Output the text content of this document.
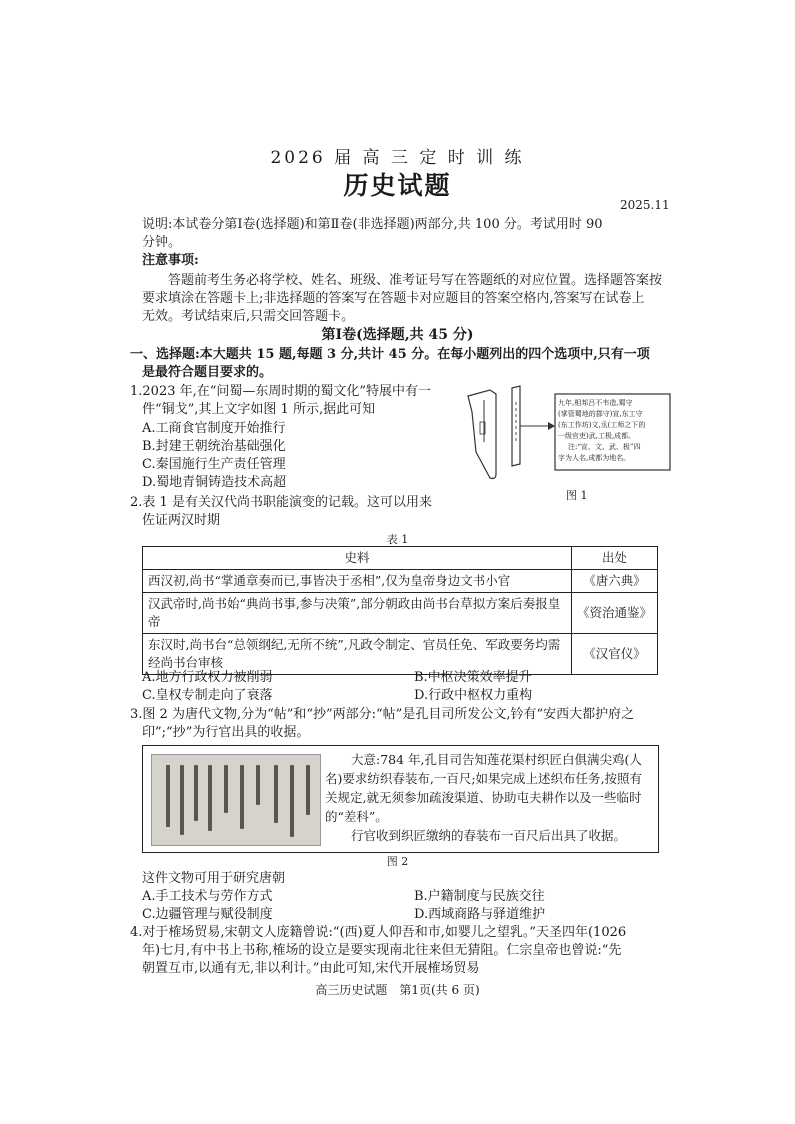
2026 届 高 三 定 时 训 练
历史试题
2025.11
说明:本试卷分第Ⅰ卷(选择题)和第Ⅱ卷(非选择题)两部分,共 100 分。考试用时 90
分钟。
注意事项:
答题前考生务必将学校、姓名、班级、准考证号写在答题纸的对应位置。选择题答案按
要求填涂在答题卡上;非选择题的答案写在答题卡对应题目的答案空格内,答案写在试卷上
无效。考试结束后,只需交回答题卡。
第Ⅰ卷(选择题,共 45 分)
一、选择题:本大题共 15 题,每题 3 分,共计 45 分。在每小题列出的四个选项中,只有一项
是最符合题目要求的。
1.2023 年,在“问蜀—东周时期的蜀文化”特展中有一
件“铜戈”,其上文字如图 1 所示,据此可知
A.工商食官制度开始推行
B.封建王朝统治基础强化
C.秦国施行生产责任管理
D.蜀地青铜铸造技术高超
九年,相邦吕不韦造,蜀守
(掌管蜀地的郡守)宣,东工守
(东工作坊)文,丞(工师之下的
一级官吏)武,工极,成都。
注:“宣、文、武、极”四
字为人名,成都为地名。
图 1
2.表 1 是有关汉代尚书职能演变的记载。这可以用来
佐证两汉时期
表 1
史料	出处
西汉初,尚书“掌通章奏而已,事皆决于丞相”,仅为皇帝身边文书小官	《唐六典》
汉武帝时,尚书始“典尚书事,参与决策”,部分朝政由尚书台草拟方案后奏报皇帝	《资治通鉴》
东汉时,尚书台“总领纲纪,无所不统”,凡政令制定、官员任免、军政要务均需经尚书台审核	《汉官仪》
A.地方行政权力被削弱	B.中枢决策效率提升
C.皇权专制走向了衰落	D.行政中枢权力重构
3.图 2 为唐代文物,分为“帖”和“抄”两部分:“帖”是孔目司所发公文,钤有“安西大都护府之
印”;“抄”为行官出具的收据。
大意:784 年,孔目司告知莲花渠村织匠白俱满尖鸡(人名)要求纺织春装布,一百尺;如果完成上述织布任务,按照有关规定,就无须参加疏浚渠道、协助屯夫耕作以及一些临时的“差科”。
行官收到织匠缴纳的春装布一百尺后出具了收据。
图 2
这件文物可用于研究唐朝
A.手工技术与劳作方式	B.户籍制度与民族交往
C.边疆管理与赋役制度	D.西域商路与驿道维护
4.对于榷场贸易,宋朝文人庞籍曾说:“(西)夏人仰吾和市,如婴儿之望乳。”天圣四年(1026
年)七月,有中书上书称,榷场的设立是要实现南北往来但无猜阻。仁宗皇帝也曾说:“先
朝置互市,以通有无,非以利计。”由此可知,宋代开展榷场贸易
高三历史试题　第1页(共 6 页)
